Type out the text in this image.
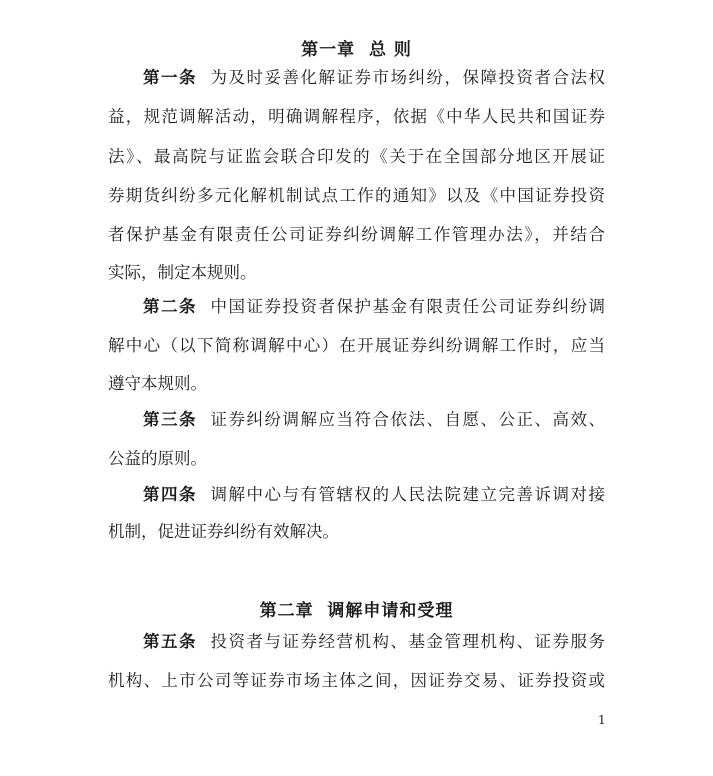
第一章  总 则
第一条 为及时妥善化解证券市场纠纷，保障投资者合法权
益，规范调解活动，明确调解程序，依据《中华人民共和国证券
法》、最高院与证监会联合印发的《关于在全国部分地区开展证
券期货纠纷多元化解机制试点工作的通知》以及《中国证券投资
者保护基金有限责任公司证券纠纷调解工作管理办法》，并结合
实际，制定本规则。
第二条 中国证券投资者保护基金有限责任公司证券纠纷调
解中心（以下简称调解中心）在开展证券纠纷调解工作时，应当
遵守本规则。
第三条 证券纠纷调解应当符合依法、自愿、公正、高效、
公益的原则。
第四条 调解中心与有管辖权的人民法院建立完善诉调对接
机制，促进证券纠纷有效解决。
第二章  调解申请和受理
第五条 投资者与证券经营机构、基金管理机构、证券服务
机构、上市公司等证券市场主体之间，因证券交易、证券投资或
1
